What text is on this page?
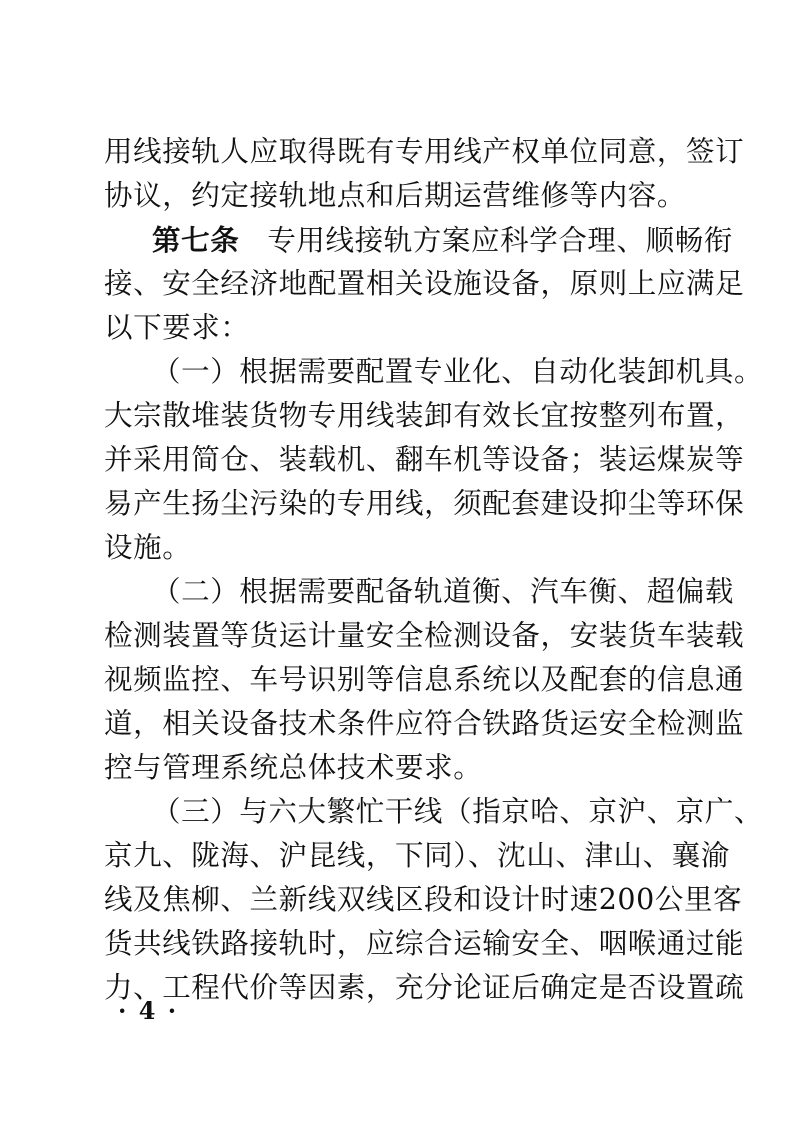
用线接轨人应取得既有专用线产权单位同意，签订
协议，约定接轨地点和后期运营维修等内容。
第七条 专用线接轨方案应科学合理、顺畅衔
接、安全经济地配置相关设施设备，原则上应满足
以下要求：
（一）根据需要配置专业化、自动化装卸机具。
大宗散堆装货物专用线装卸有效长宜按整列布置，
并采用简仓、装载机、翻车机等设备；装运煤炭等
易产生扬尘污染的专用线，须配套建设抑尘等环保
设施。
（二）根据需要配备轨道衡、汽车衡、超偏载
检测装置等货运计量安全检测设备，安装货车装载
视频监控、车号识别等信息系统以及配套的信息通
道，相关设备技术条件应符合铁路货运安全检测监
控与管理系统总体技术要求。
（三）与六大繁忙干线（指京哈、京沪、京广、
京九、陇海、沪昆线，下同）、沈山、津山、襄渝
线及焦柳、兰新线双线区段和设计时速200公里客
货共线铁路接轨时，应综合运输安全、咽喉通过能
力、工程代价等因素，充分论证后确定是否设置疏
· 4 ·
